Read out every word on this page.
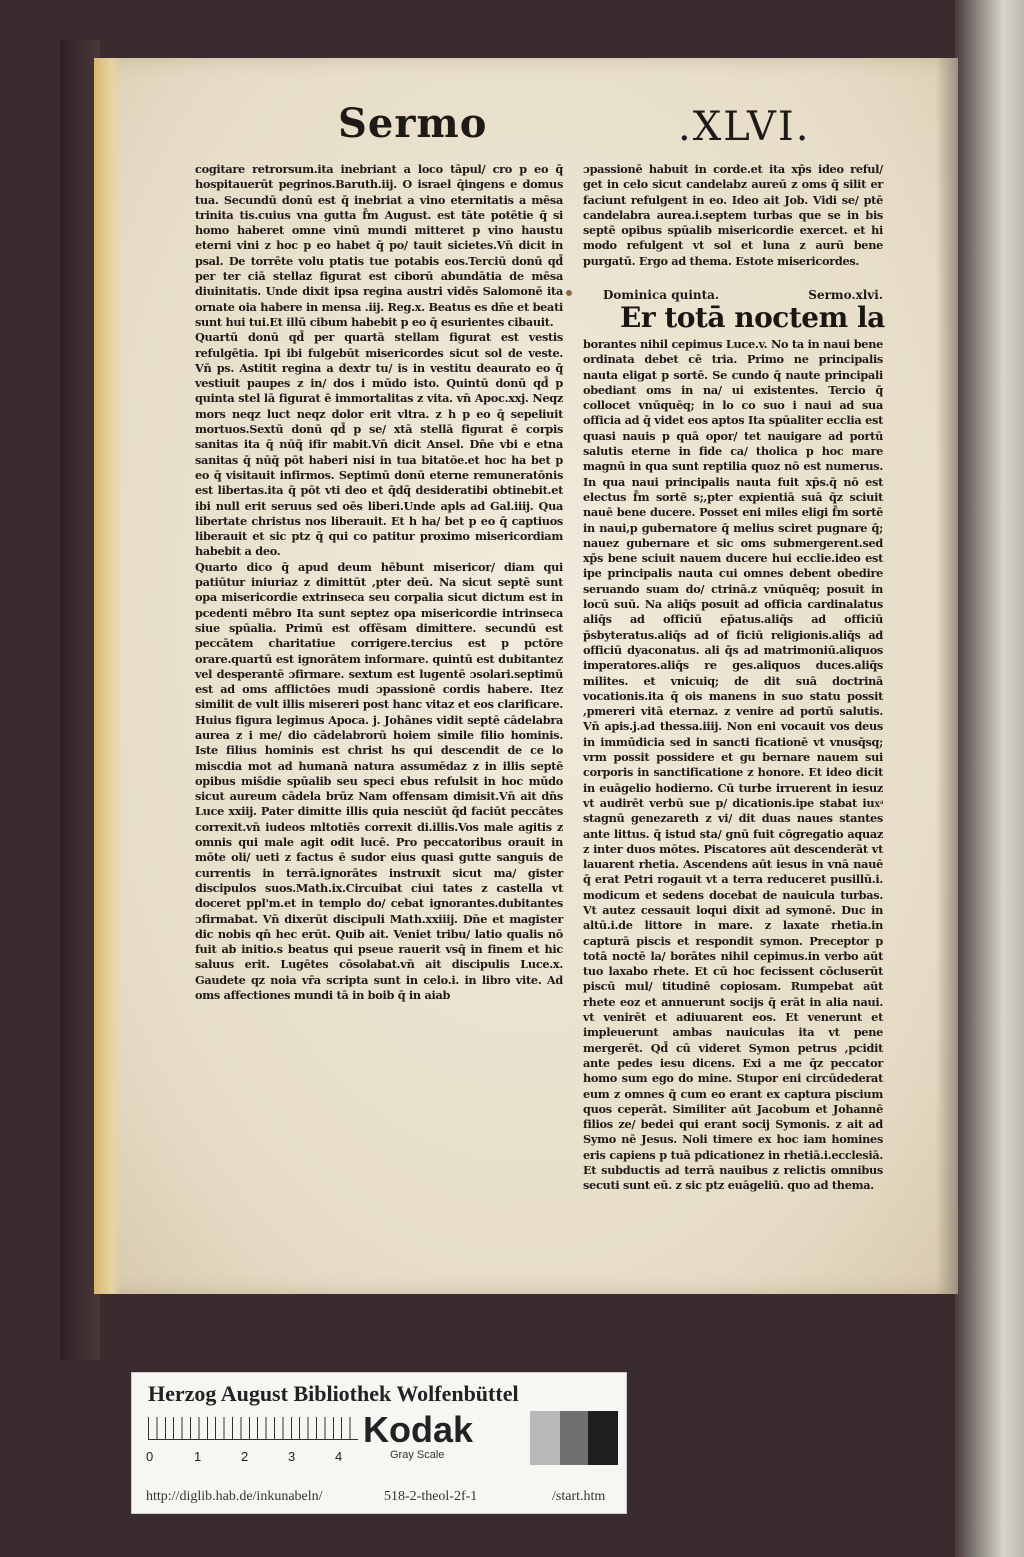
Sermo	.XLVI.

cogitare retrorsum.ita inebriant a loco tāpul/ cro p eo q̄ hospitauerūt pegrinos.Baruth.iij. O israel q̄ingens e domus tua. Secundū donū est q̄ inebriat a vino eternitatis a mēsa trinita tis.cuius vna gutta f̄m August. est tāte potētie q̄ si homo haberet omne vinū mundi mitteret p vino haustu eterni vini z hoc p eo habet q̄ po/ tauit sicietes.Vn̄ dicit in psal. De torrēte volu ptatis tue potabis eos.Terciū donū qd̄ per ter ciā stellaz figurat est ciborū abundātia de mēsa diuinitatis. Unde dixit ipsa regina austri vidēs Salomonē ita ornate oia habere in mensa .iij. Reg.x. Beatus es dn̄e et beati sunt hui tui.Et illū cibum habebit p eo q̄ esurientes cibauit.

Quartū donū qd̄ per quartā stellam figurat est vestis refulgētia. Ipi ibi fulgebūt misericordes sicut sol de veste. Vn̄ ps. Astitit regina a dextr tu/ is in vestitu deaurato eo q̄ vestiuit paupes z in/ dos i mūdo isto. Quintū donū qd̄ p quinta stel lā figurat ē immortalitas z vita. vn̄ Apoc.xxj. Neqz mors neqz luct neqz dolor erit vltra. z h p eo q̄ sepeliuit mortuos.Sextū donū qd̄ p se/ xtā stellā figurat ē corpis sanitas ita q̄ nūq̄ ifir mabit.Vn̄ dicit Ansel. Dn̄e vbi e etna sanitas q̄ nūq̄ pōt haberi nisi in tua bitatōe.et hoc ha bet p eo q̄ visitauit infirmos. Septimū donū eterne remuneratōnis est libertas.ita q̄ pōt vti deo et q̄dq̄ desideratibi obtinebit.et ibi null erit seruus sed oēs liberi.Unde apls ad Gal.iiij. Qua libertate christus nos liberauit. Et h ha/ bet p eo q̄ captiuos liberauit et sic ptz q̄ qui co patitur proximo misericordiam habebit a deo.

Quarto dico q̄ apud deum hēbunt misericor/ diam qui patiūtur iniuriaz z dimittūt ,pter deū. Na sicut septē sunt opa misericordie extrinseca seu corpalia sicut dictum est in pcedenti mēbro Ita sunt septez opa misericordie intrinseca siue spūalia. Primū est offēsam dimittere. secundū est peccātem charitatiue corrigere.tercius est p pctōre orare.quartū est ignorātem informare. quintū est dubitantez vel desperantē ɔfirmare. sextum est lugentē ɔsolari.septimū est ad oms afflictōes mudi ɔpassionē cordis habere. Itez similit de vult illis misereri post hanc vitaz et eos clarificare. Huius figura legimus Apoca. j. Johānes vidit septē cādelabra aurea z i me/ dio cādelabrorū hoiem simile filio hominis. Iste filius hominis est christ hs qui descendit de ce lo miscdia mot ad humanā natura assumēdaz z in illis septē opibus mis̄die spūalib seu speci ebus refulsit in hoc mūdo sicut aureum cādela brūz Nam offensam dimisit.Vn̄ ait dn̄s Luce xxiij. Pater dimitte illis quia nesciūt q̄d faciūt peccātes correxit.vn̄ iudeos mltotiēs correxit di.illis.Vos male agitis z omnis qui male agit odit lucē. Pro peccatoribus orauit in mōte oli/ ueti z factus ē sudor eius quasi gutte sanguis de currentis in terrā.ignorātes instruxit sicut ma/ gister discipulos suos.Math.ix.Circuibat ciui tates z castella vt doceret ppl'm.et in templo do/ cebat ignorantes.dubitantes ɔfirmabat. Vn̄ dixerūt discipuli Math.xxiiij. Dn̄e et magister dic nobis qn̄ hec erūt. Quib ait. Veniet tribu/ latio qualis nō fuit ab initio.s beatus qui pseue rauerit vsq̄ in finem et hic saluus erit. Lugētes cōsolabat.vn̄ ait discipulis Luce.x. Gaudete qz noia vr̄a scripta sunt in celo.i. in libro vite. Ad oms affectiones mundi tā in boib q̄ in aiab

ɔpassionē habuit in corde.et ita xp̄s ideo reful/ get in celo sicut candelabz aureū z oms q̄ silit er faciunt refulgent in eo. Ideo ait Job. Vidi se/ ptē candelabra aurea.i.septem turbas que se in bis septē opibus spūalib misericordie exercet. et hi modo refulgent vt sol et luna z aurū bene purgatū. Ergo ad thema. Estote misericordes.

Dominica quinta.	Sermo.xlvi.
Er totā noctem la

borantes nihil cepimus Luce.v. No ta in naui bene ordinata debet cē tria. Primo ne principalis nauta eligat p sortē. Se cundo q̄ naute principali obediant oms in na/ ui existentes. Tercio q̄ collocet vnūquēq; in lo co suo i naui ad sua officia ad q̄ videt eos aptos Ita spūaliter ecclia est quasi nauis p quā opor/ tet nauigare ad portū salutis eterne in fide ca/ tholica p hoc mare magnū in qua sunt reptilia quoz nō est numerus. In qua naui principalis nauta fuit xp̄s.q̄ nō est electus f̄m sortē s;,pter expientiā suā q̄z sciuit nauē bene ducere. Posset eni miles eligi f̄m sortē in naui,p gubernatore q̄ melius sciret pugnare q̄; nauez gubernare et sic oms submergerent.sed xp̄s bene sciuit nauem ducere hui ecclie.ideo est ipe principalis nauta cui omnes debent obedire seruando suam do/ ctrinā.z vnūquēq; posuit in locū suū. Na aliq̄s posuit ad officia cardinalatus aliq̄s ad officiū ep̄atus.aliq̄s ad officiū p̄sbyteratus.aliq̄s ad of ficiū religionis.aliq̄s ad officiū dyaconatus. ali q̄s ad matrimoniū.aliquos imperatores.aliq̄s re ges.aliquos duces.aliq̄s milites. et vnicuiq; de dit suā doctrinā vocationis.ita q̄ ois manens in suo statu possit ,pmereri vitā eternaz. z venire ad portū salutis. Vn̄ apis.j.ad thessa.iiij. Non eni vocauit vos deus in immūdicia sed in sancti ficationē vt vnusq̄sq; vrm possit possidere et gu bernare nauem sui corporis in sanctificatione z honore. Et ideo dicit in euāgelio hodierno. Cū turbe irruerent in iesuz vt audirēt verbū sue p/ dicationis.ipe stabat iuxͣ stagnū genezareth z vi/ dit duas naues stantes ante littus. q̄ istud sta/ gnū fuit cōgregatio aquaz z inter duos mōtes. Piscatores aūt descenderāt vt lauarent rhetia. Ascendens aūt iesus in vnā nauē q̄ erat Petri rogauit vt a terra reduceret pusillū.i. modicum et sedens docebat de nauicula turbas. Vt autez cessauit loqui dixit ad symonē. Duc in altū.i.de littore in mare. z laxate rhetia.in capturā piscis et respondit symon. Preceptor p totā noctē la/ borātes nihil cepimus.in verbo aūt tuo laxabo rhete. Et cū hoc fecissent cōcluserūt piscū mul/ titudinē copiosam. Rumpebat aūt rhete eoz et annuerunt socijs q̄ erāt in alia naui. vt venirēt et adiuuarent eos. Et venerunt et impleuerunt ambas nauiculas ita vt pene mergerēt. Qd̄ cū videret Symon petrus ,pcidit ante pedes iesu dicens. Exi a me q̄z peccator homo sum ego do mine. Stupor eni circūdederat eum z omnes q̄ cum eo erant ex captura piscium quos ceperāt. Similiter aūt Jacobum et Johannē filios ze/ bedei qui erant socij Symonis. z ait ad Symo nē Jesus. Noli timere ex hoc iam homines eris capiens p tuā pdicationez in rhetiā.i.ecclesiā. Et subductis ad terrā nauibus z relictis omnibus secuti sunt eū. z sic ptz euāgeliū. quo ad thema.

Herzog August Bibliothek Wolfenbüttel
0	1	2	3	4
Kodak
Gray Scale
http://diglib.hab.de/inkunabeln/	518-2-theol-2f-1	/start.htm
